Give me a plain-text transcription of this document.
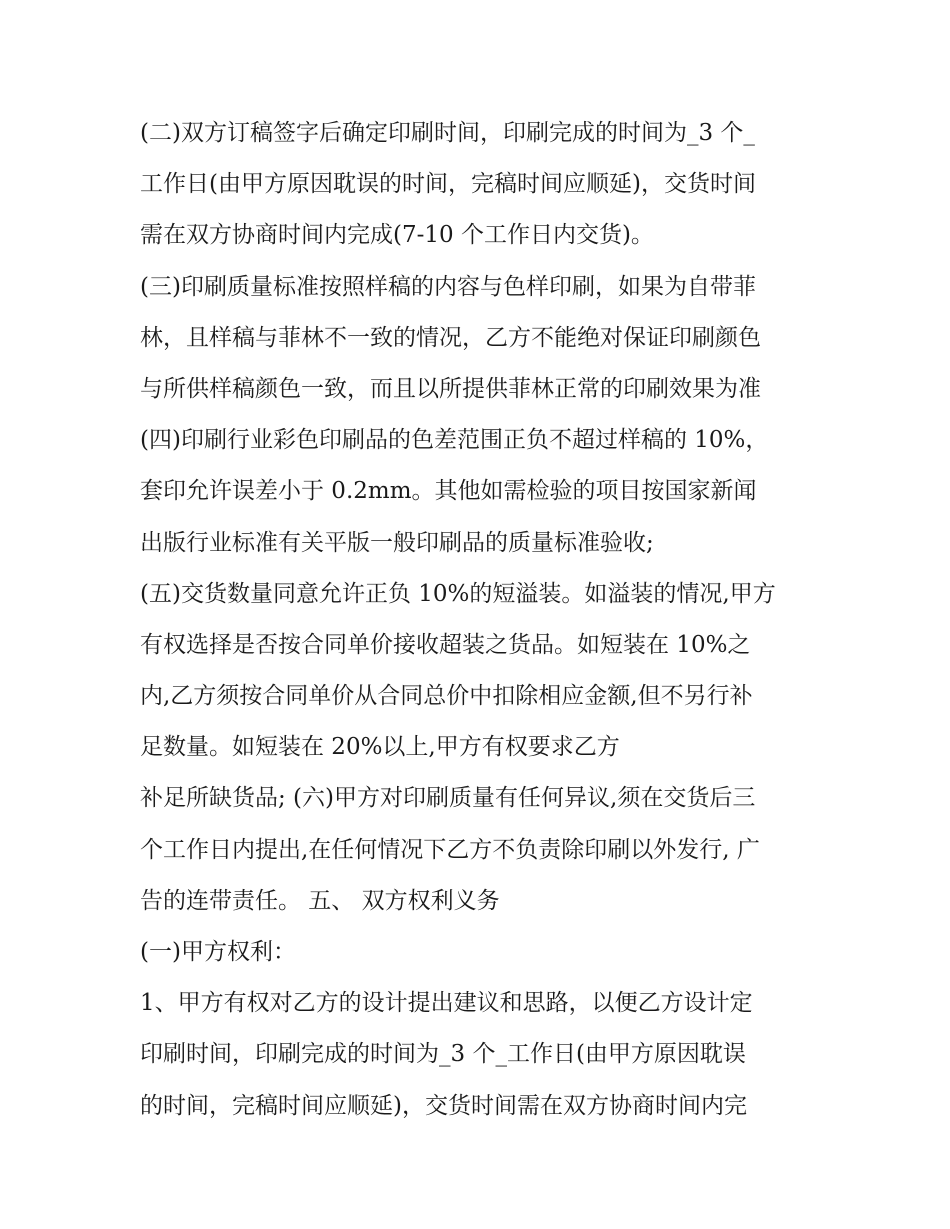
(二)双方订稿签字后确定印刷时间，印刷完成的时间为_3 个_
工作日(由甲方原因耽误的时间，完稿时间应顺延)，交货时间
需在双方协商时间内完成(7-10 个工作日内交货)。
(三)印刷质量标准按照样稿的内容与色样印刷，如果为自带菲
林，且样稿与菲林不一致的情况，乙方不能绝对保证印刷颜色
与所供样稿颜色一致，而且以所提供菲林正常的印刷效果为准
(四)印刷行业彩色印刷品的色差范围正负不超过样稿的 10%，
套印允许误差小于 0.2mm。其他如需检验的项目按国家新闻
出版行业标准有关平版一般印刷品的质量标准验收;
(五)交货数量同意允许正负 10%的短溢装。如溢装的情况,甲方
有权选择是否按合同单价接收超装之货品。如短装在 10%之
内,乙方须按合同单价从合同总价中扣除相应金额,但不另行补
足数量。如短装在 20%以上,甲方有权要求乙方
补足所缺货品; (六)甲方对印刷质量有任何异议,须在交货后三
个工作日内提出,在任何情况下乙方不负责除印刷以外发行, 广
告的连带责任。 五、 双方权利义务
(一)甲方权利：
1、甲方有权对乙方的设计提出建议和思路，以便乙方设计定
印刷时间，印刷完成的时间为_3 个_工作日(由甲方原因耽误
的时间，完稿时间应顺延)，交货时间需在双方协商时间内完
